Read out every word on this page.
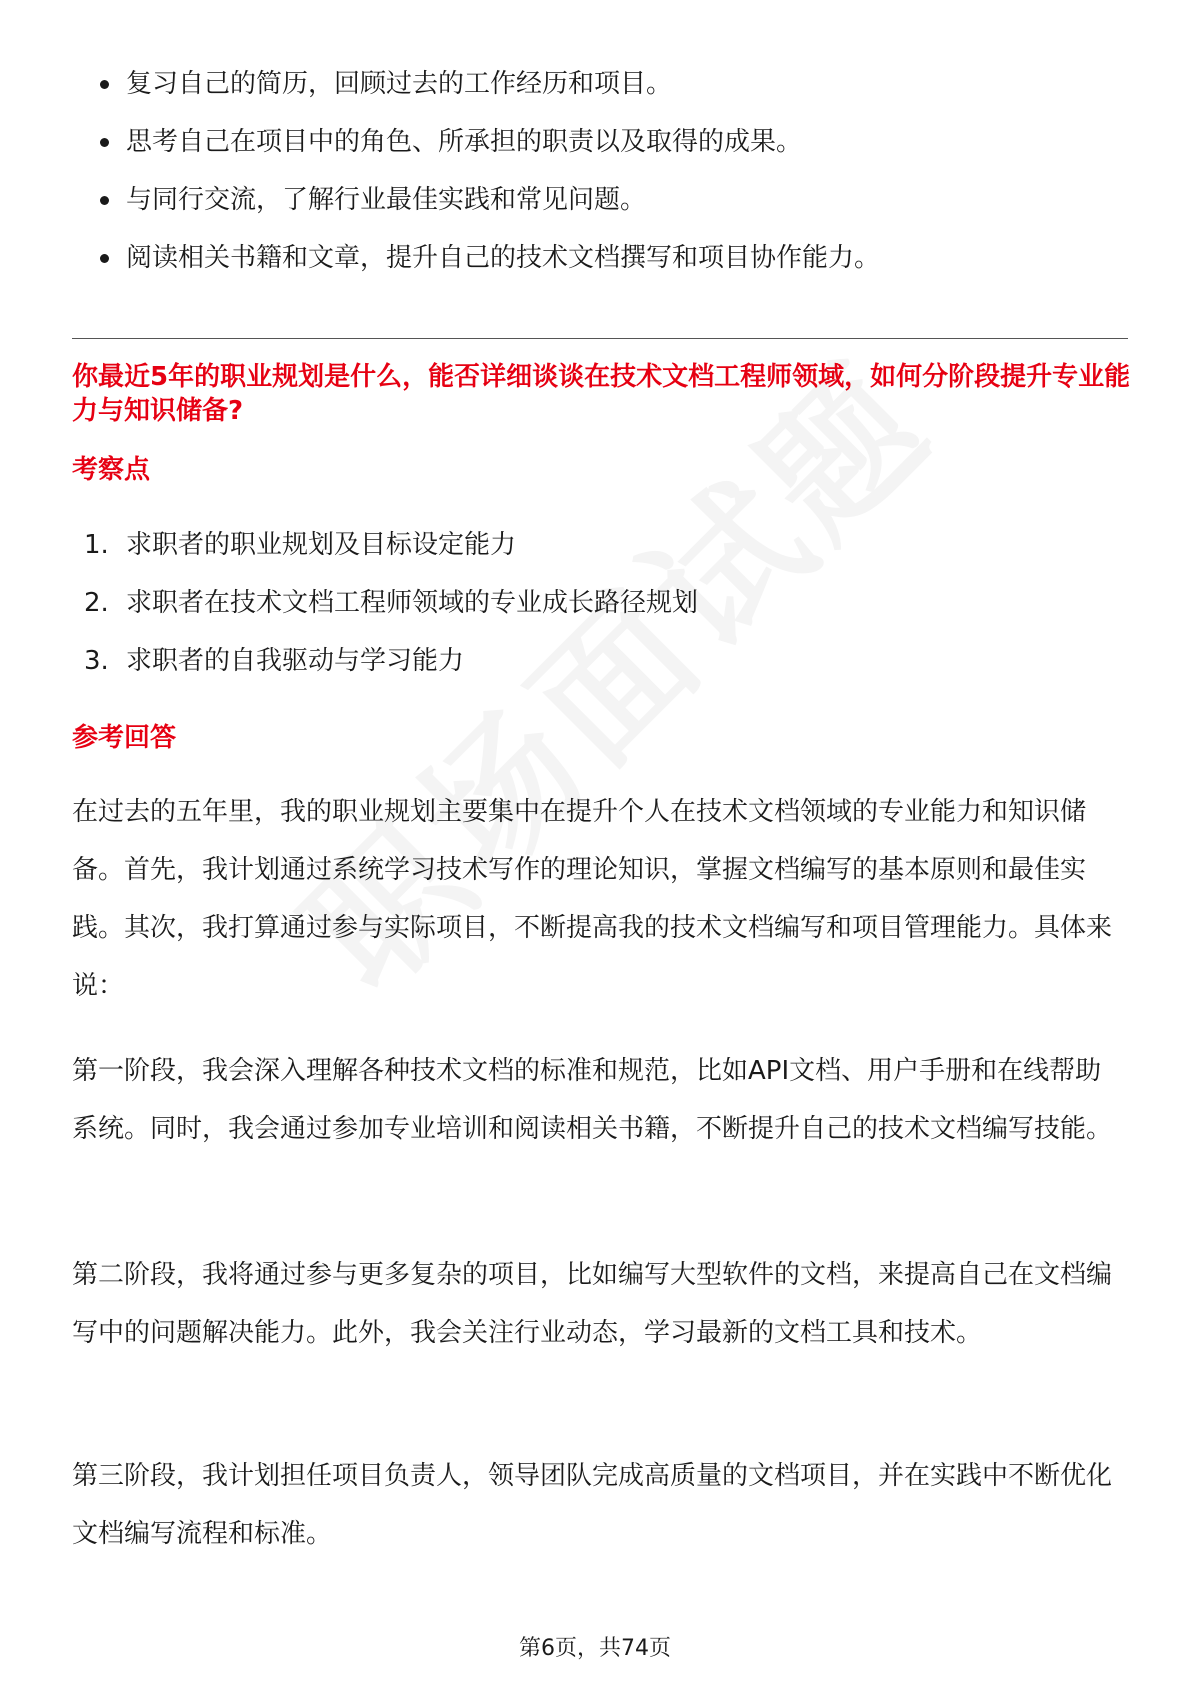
复习自己的简历，回顾过去的工作经历和项目。
思考自己在项目中的角色、所承担的职责以及取得的成果。
与同行交流，了解行业最佳实践和常见问题。
阅读相关书籍和文章，提升自己的技术文档撰写和项目协作能力。
你最近5年的职业规划是什么，能否详细谈谈在技术文档工程师领域，如何分阶段提升专业能力与知识储备?
考察点
1. 求职者的职业规划及目标设定能力
2. 求职者在技术文档工程师领域的专业成长路径规划
3. 求职者的自我驱动与学习能力
参考回答

在过去的五年里，我的职业规划主要集中在提升个人在技术文档领域的专业能力和知识储备。首先，我计划通过系统学习技术写作的理论知识，掌握文档编写的基本原则和最佳实践。其次，我打算通过参与实际项目，不断提高我的技术文档编写和项目管理能力。具体来说：

第一阶段，我会深入理解各种技术文档的标准和规范，比如API文档、用户手册和在线帮助系统。同时，我会通过参加专业培训和阅读相关书籍，不断提升自己的技术文档编写技能。

第二阶段，我将通过参与更多复杂的项目，比如编写大型软件的文档，来提高自己在文档编写中的问题解决能力。此外，我会关注行业动态，学习最新的文档工具和技术。

第三阶段，我计划担任项目负责人，领导团队完成高质量的文档项目，并在实践中不断优化文档编写流程和标准。

第6页，共74页
